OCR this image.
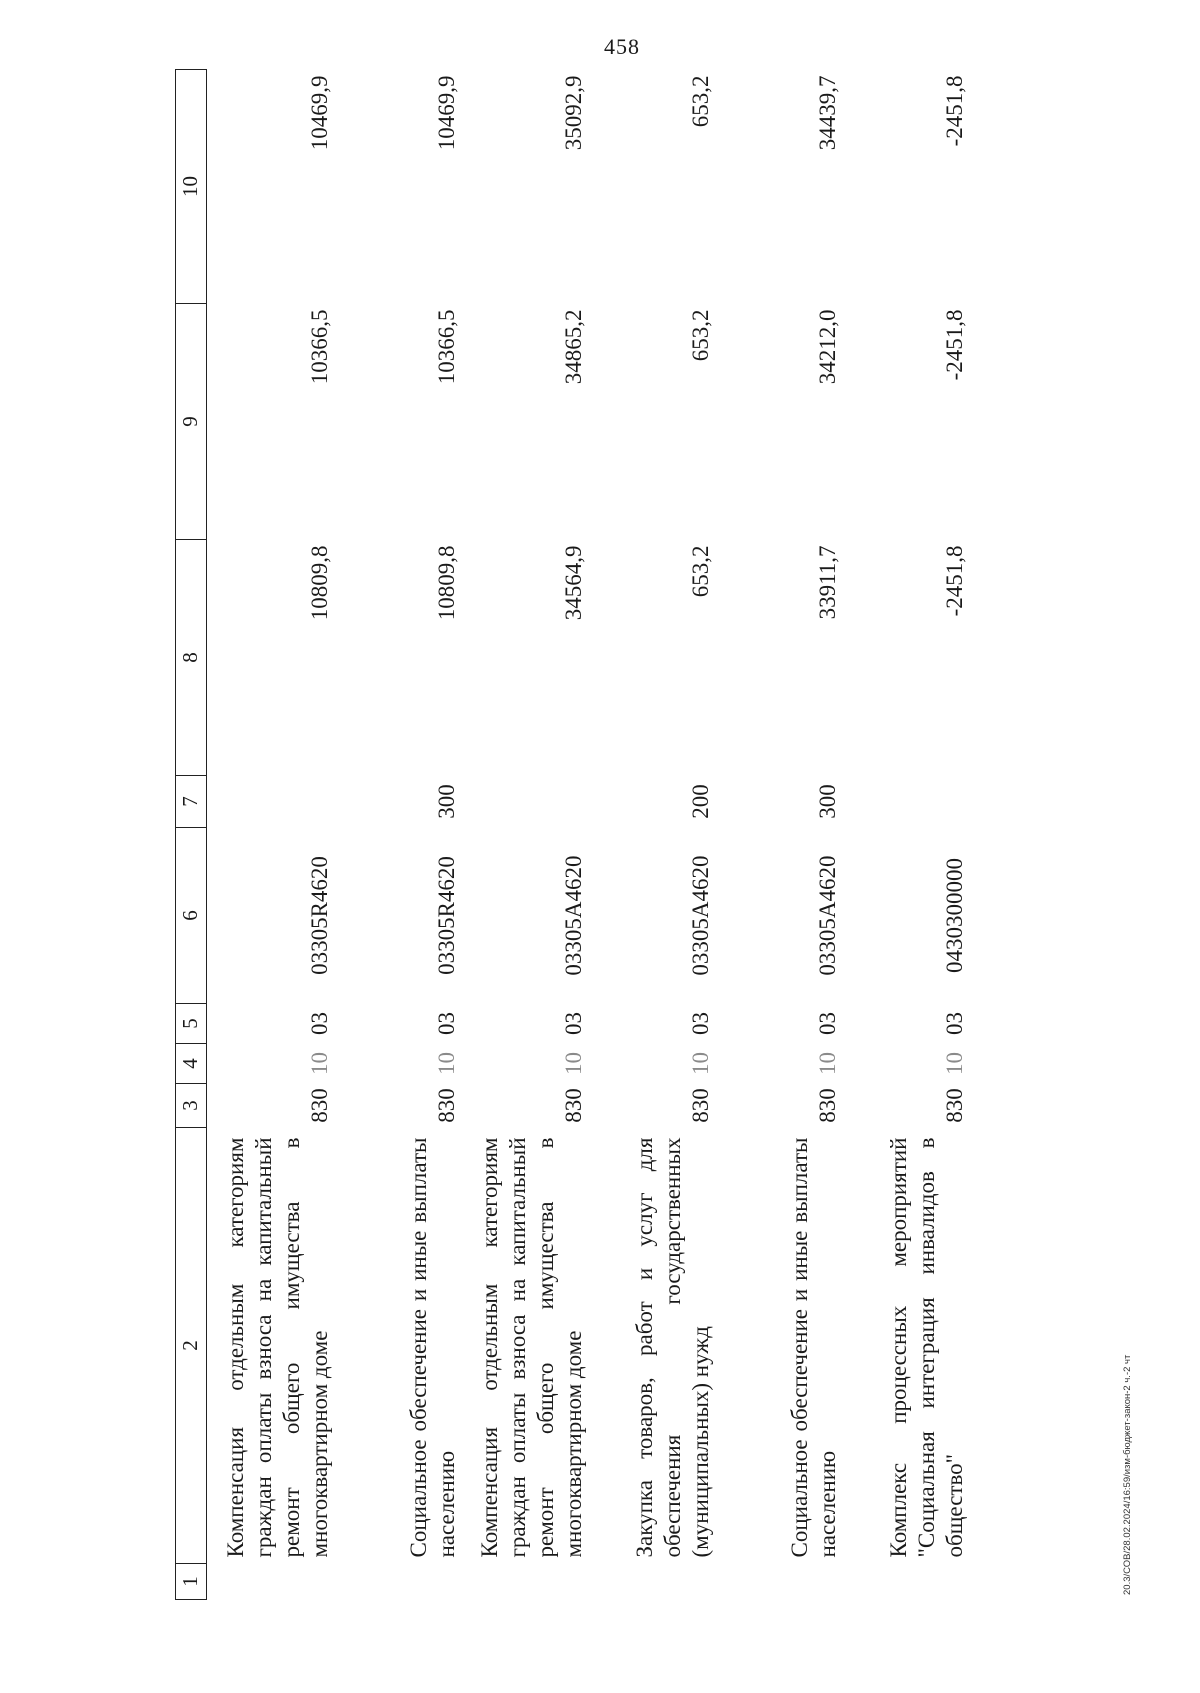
458
1	2	3	4	5	6	7	8	9	10
	Компенсация отдельным категориям граждан оплаты взноса на капитальный ремонт общего имущества в многоквартирном доме	830	10	03	03305R4620		10809,8	10366,5	10469,9
	Социальное обеспечение и иные выплаты населению	830	10	03	03305R4620	300	10809,8	10366,5	10469,9
	Компенсация отдельным категориям граждан оплаты взноса на капитальный ремонт общего имущества в многоквартирном доме	830	10	03	03305А4620		34564,9	34865,2	35092,9
	Закупка товаров, работ и услуг для обеспечения государственных (муниципальных) нужд	830	10	03	03305А4620	200	653,2	653,2	653,2
	Социальное обеспечение и иные выплаты населению	830	10	03	03305А4620	300	33911,7	34212,0	34439,7
	Комплекс процессных мероприятий "Социальная интеграция инвалидов в общество"	830	10	03	0430300000		-2451,8	-2451,8	-2451,8
20.3/СОВ/28.02.2024/16:59/изм-бюджет-закон-2 ч.-2 чт
